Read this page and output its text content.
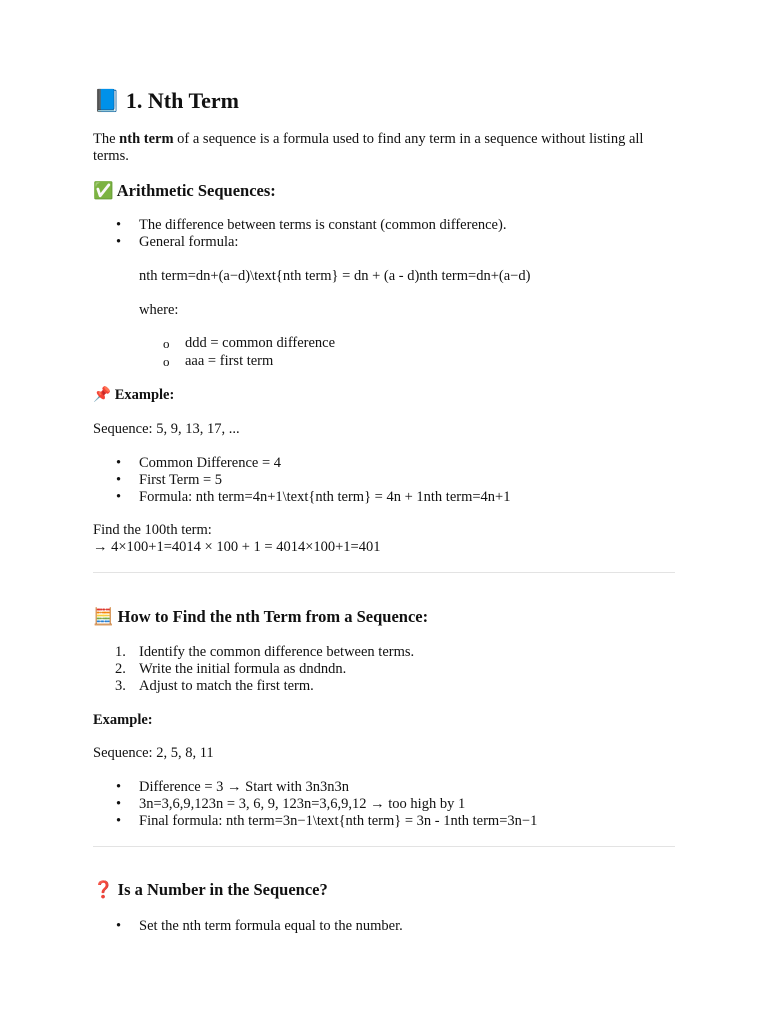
📘 1. Nth Term

The nth term of a sequence is a formula used to find any term in a sequence without listing all terms.

✅ Arithmetic Sequences:
• The difference between terms is constant (common difference).
• General formula:
nth term=dn+(a−d)\text{nth term} = dn + (a - d)nth term=dn+(a−d)
where:
o ddd = common difference
o aaa = first term
📌 Example:
Sequence: 5, 9, 13, 17, ...
• Common Difference = 4
• First Term = 5
• Formula: nth term=4n+1\text{nth term} = 4n + 1nth term=4n+1
Find the 100th term:
→ 4×100+1=4014 × 100 + 1 = 4014×100+1=401
🧮 How to Find the nth Term from a Sequence:
1. Identify the common difference between terms.
2. Write the initial formula as dndndn.
3. Adjust to match the first term.
Example:
Sequence: 2, 5, 8, 11
• Difference = 3 → Start with 3n3n3n
• 3n=3,6,9,123n = 3, 6, 9, 123n=3,6,9,12 → too high by 1
• Final formula: nth term=3n−1\text{nth term} = 3n - 1nth term=3n−1
❓ Is a Number in the Sequence?
• Set the nth term formula equal to the number.
